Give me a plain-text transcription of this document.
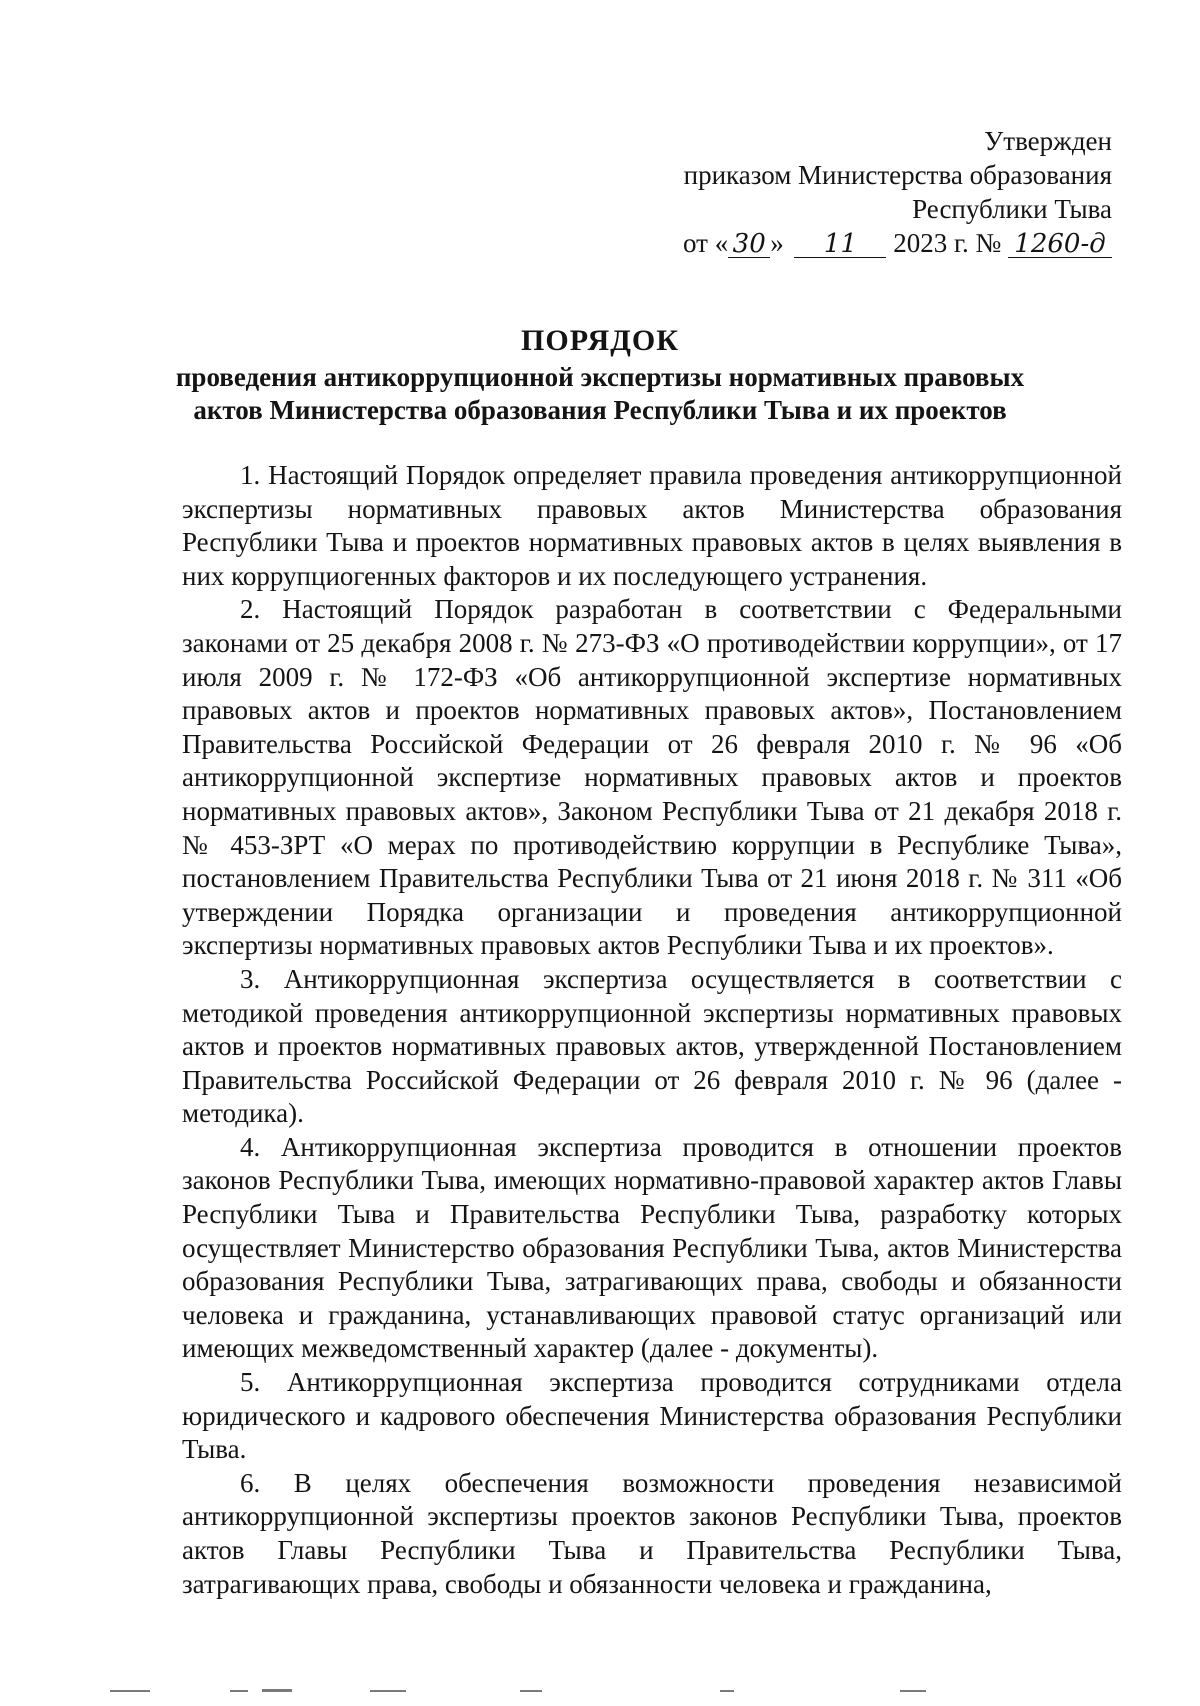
Утвержден
приказом Министерства образования
Республики Тыва
от « 30 » 11 2023 г. № 1260-д
ПОРЯДОК
проведения антикоррупционной экспертизы нормативных правовых
актов Министерства образования Республики Тыва и их проектов

1. Настоящий Порядок определяет правила проведения антикоррупционной экспертизы нормативных правовых актов Министерства образования Республики Тыва и проектов нормативных правовых актов в целях выявления в них коррупциогенных факторов и их последующего устранения.

2. Настоящий Порядок разработан в соответствии с Федеральными законами от 25 декабря 2008 г. № 273-ФЗ «О противодействии коррупции», от 17 июля 2009 г. № 172-ФЗ «Об антикоррупционной экспертизе нормативных правовых актов и проектов нормативных правовых актов», Постановлением Правительства Российской Федерации от 26 февраля 2010 г. № 96 «Об антикоррупционной экспертизе нормативных правовых актов и проектов нормативных правовых актов», Законом Республики Тыва от 21 декабря 2018 г. № 453-ЗРТ «О мерах по противодействию коррупции в Республике Тыва», постановлением Правительства Республики Тыва от 21 июня 2018 г. № 311 «Об утверждении Порядка организации и проведения антикоррупционной экспертизы нормативных правовых актов Республики Тыва и их проектов».

3. Антикоррупционная экспертиза осуществляется в соответствии с методикой проведения антикоррупционной экспертизы нормативных правовых актов и проектов нормативных правовых актов, утвержденной Постановлением Правительства Российской Федерации от 26 февраля 2010 г. № 96 (далее - методика).

4. Антикоррупционная экспертиза проводится в отношении проектов законов Республики Тыва, имеющих нормативно-правовой характер актов Главы Республики Тыва и Правительства Республики Тыва, разработку которых осуществляет Министерство образования Республики Тыва, актов Министерства образования Республики Тыва, затрагивающих права, свободы и обязанности человека и гражданина, устанавливающих правовой статус организаций или имеющих межведомственный характер (далее - документы).

5. Антикоррупционная экспертиза проводится сотрудниками отдела юридического и кадрового обеспечения Министерства образования Республики Тыва.

6. В целях обеспечения возможности проведения независимой антикоррупционной экспертизы проектов законов Республики Тыва, проектов актов Главы Республики Тыва и Правительства Республики Тыва, затрагивающих права, свободы и обязанности человека и гражданина,
